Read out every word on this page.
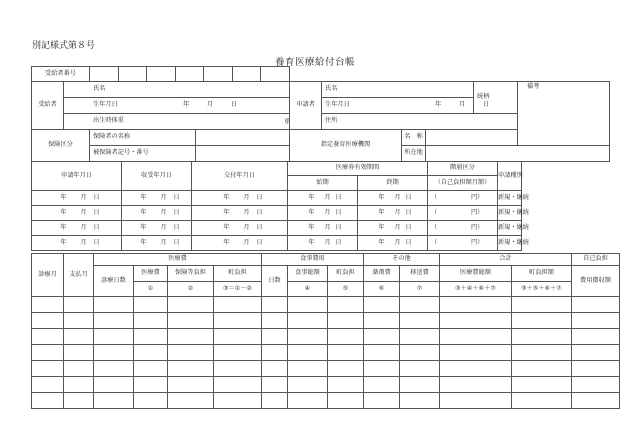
別記様式第８号
養育医療給付台帳
受給者番号								

受給者	氏名			申請者	氏名			続柄	備考
	生年月日 年 月 日				生年月日 年 月 日				
	出生時体重 g				住所				
保険区分		保険者の名称		指定養育医療機関		名　称			
		被保険者記号・番号				所在地			
申請年月日	収受年月日	交付年月日	医療券有効期間		階層区分	申請種別
			始期	終期	（自己負担額月額）	
年 月 日	年 月 日	年 月 日	年 月 日	年 月 日	（ 円）	新規・継続
年 月 日	年 月 日	年 月 日	年 月 日	年 月 日	（ 円）	新規・継続
年 月 日	年 月 日	年 月 日	年 月 日	年 月 日	（ 円）	新規・継続
年 月 日	年 月 日	年 月 日	年 月 日	年 月 日	（ 円）	新規・継続
診療月	支払月	医療費				食事費用			その他		合計		自己負担
		診療日数	医療費	保険等負担	町負担	日数	食事総額	町負担	薬剤費	移送費	医療費総額	町負担額	費用徴収額
			①	②	③＝①－②		④	⑤	⑥	⑦	③＋④＋⑥＋⑦	③＋⑤＋⑥＋⑦	
